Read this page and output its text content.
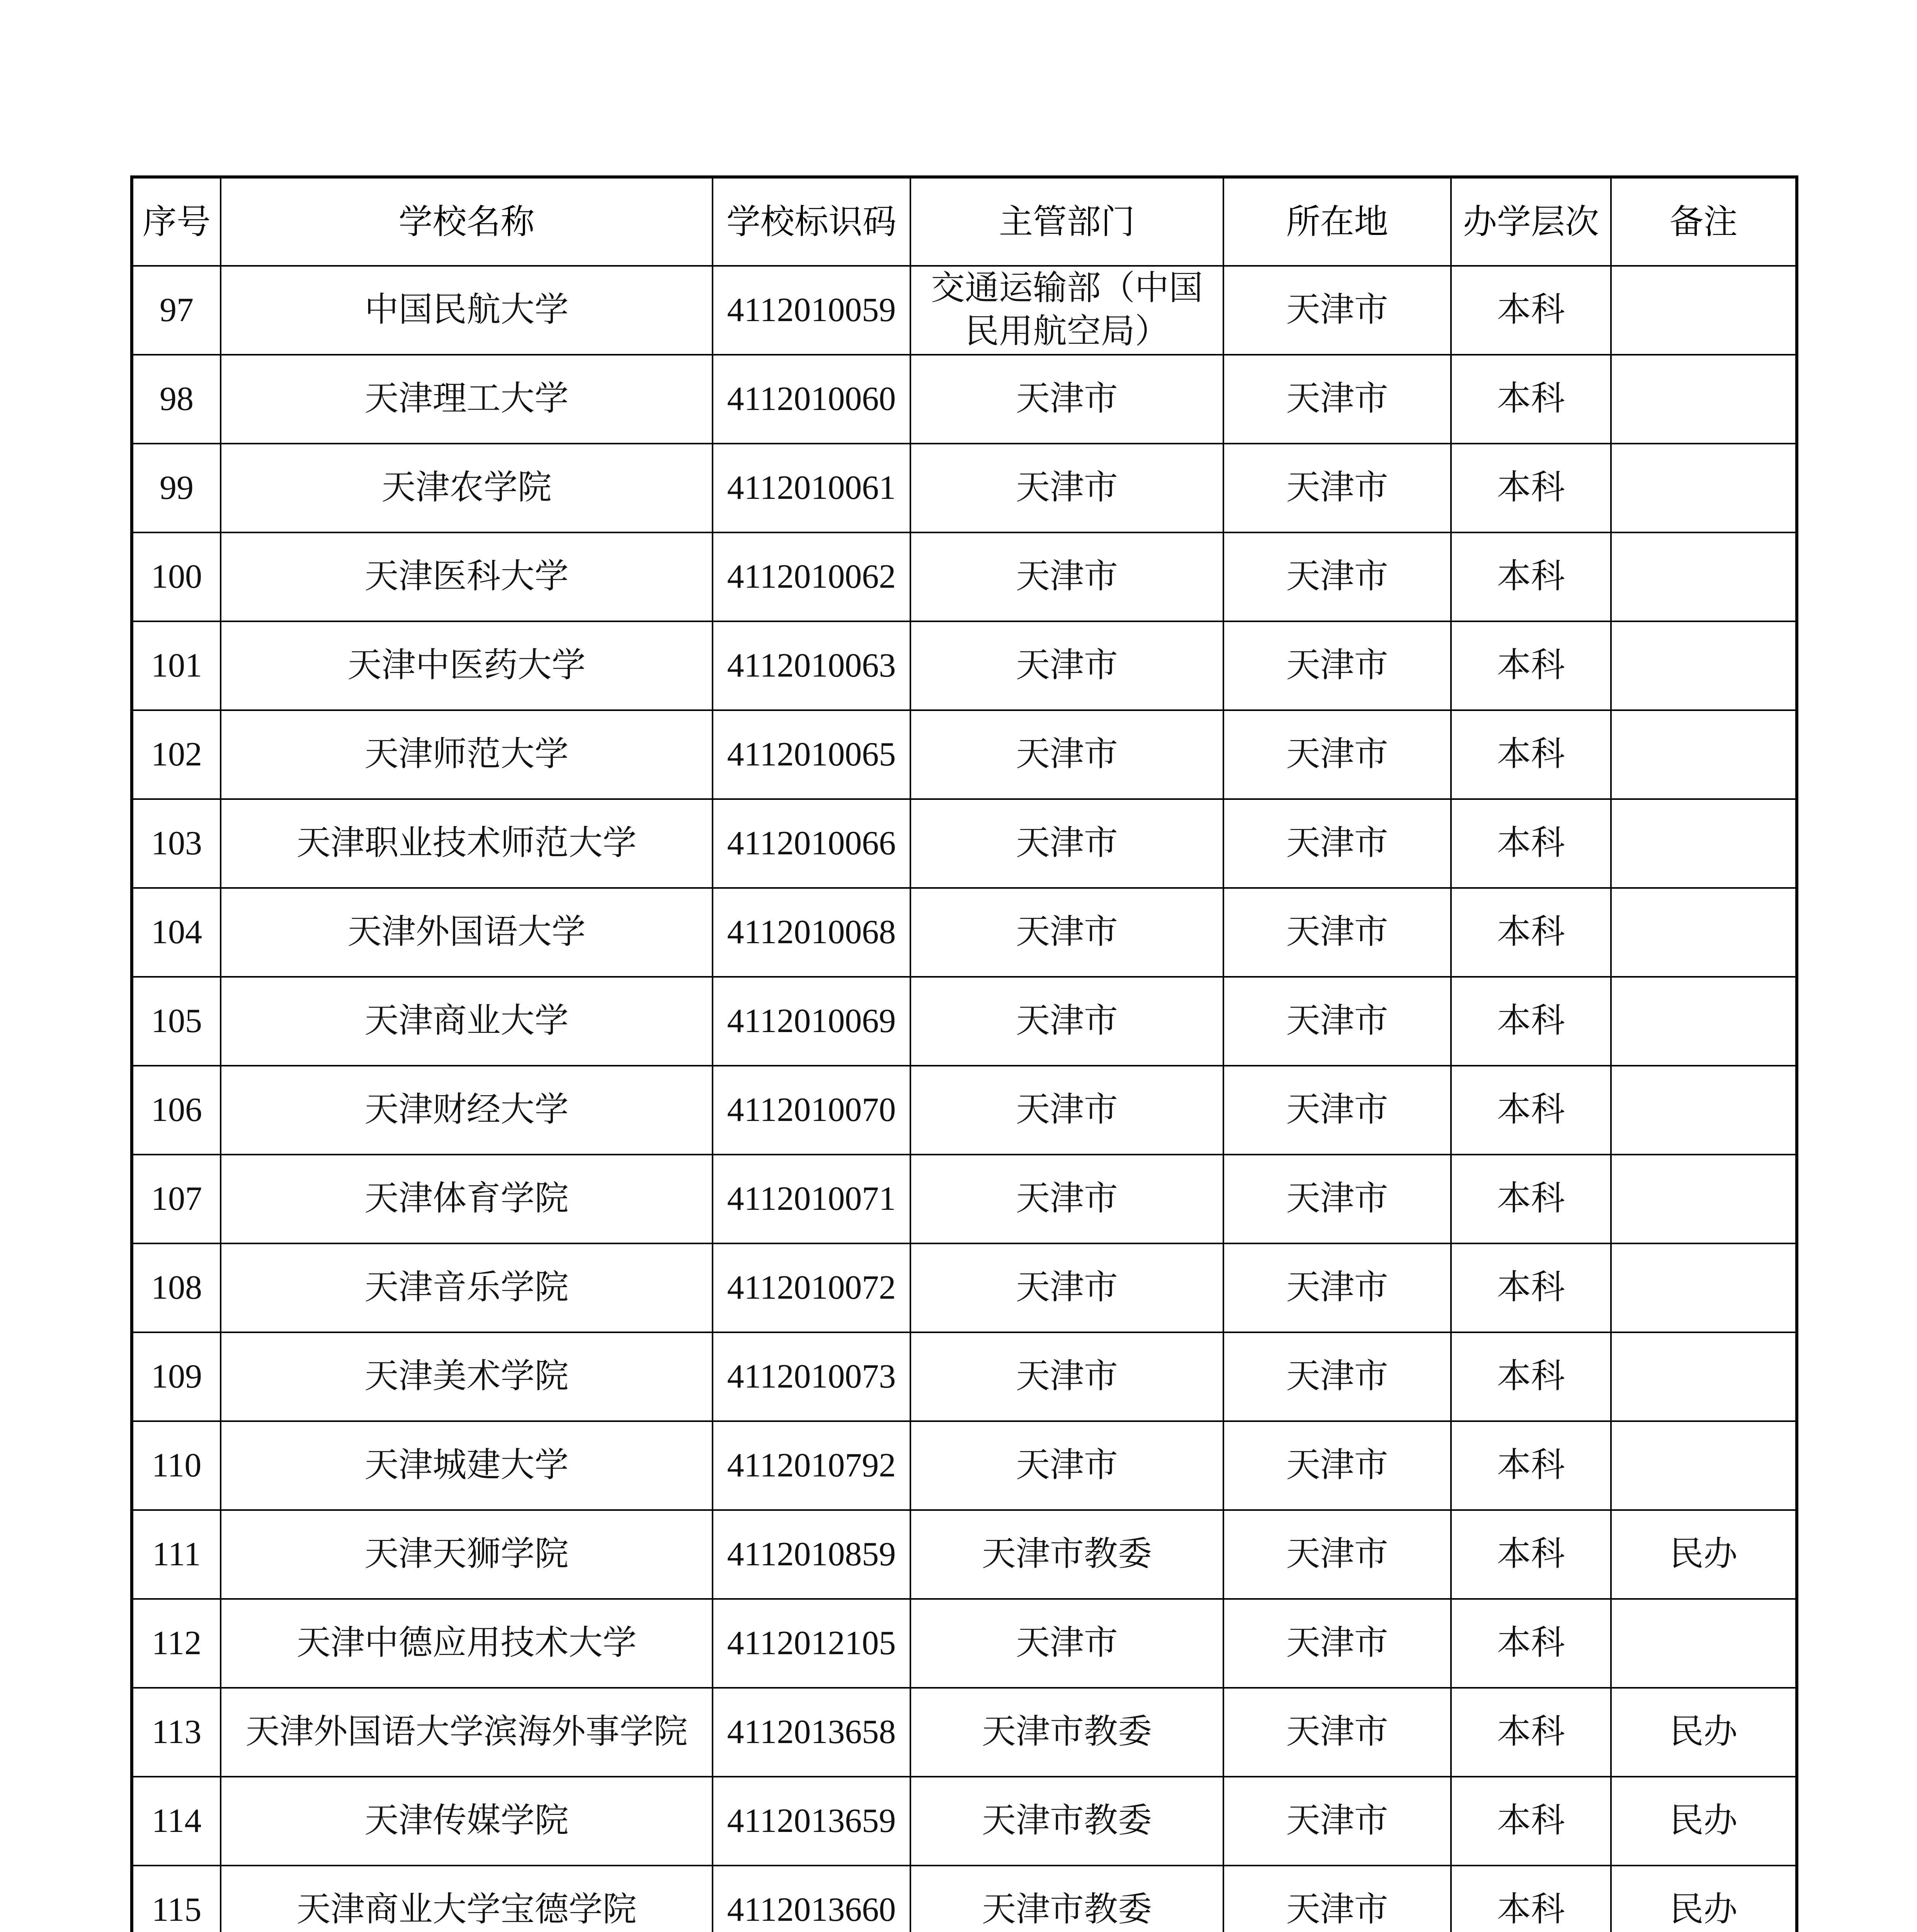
序号	学校名称	学校标识码	主管部门	所在地	办学层次	备注
97	中国民航大学	4112010059	交通运输部（中国民用航空局）	天津市	本科	
98	天津理工大学	4112010060	天津市	天津市	本科	
99	天津农学院	4112010061	天津市	天津市	本科	
100	天津医科大学	4112010062	天津市	天津市	本科	
101	天津中医药大学	4112010063	天津市	天津市	本科	
102	天津师范大学	4112010065	天津市	天津市	本科	
103	天津职业技术师范大学	4112010066	天津市	天津市	本科	
104	天津外国语大学	4112010068	天津市	天津市	本科	
105	天津商业大学	4112010069	天津市	天津市	本科	
106	天津财经大学	4112010070	天津市	天津市	本科	
107	天津体育学院	4112010071	天津市	天津市	本科	
108	天津音乐学院	4112010072	天津市	天津市	本科	
109	天津美术学院	4112010073	天津市	天津市	本科	
110	天津城建大学	4112010792	天津市	天津市	本科	
111	天津天狮学院	4112010859	天津市教委	天津市	本科	民办
112	天津中德应用技术大学	4112012105	天津市	天津市	本科	
113	天津外国语大学滨海外事学院	4112013658	天津市教委	天津市	本科	民办
114	天津传媒学院	4112013659	天津市教委	天津市	本科	民办
115	天津商业大学宝德学院	4112013660	天津市教委	天津市	本科	民办
